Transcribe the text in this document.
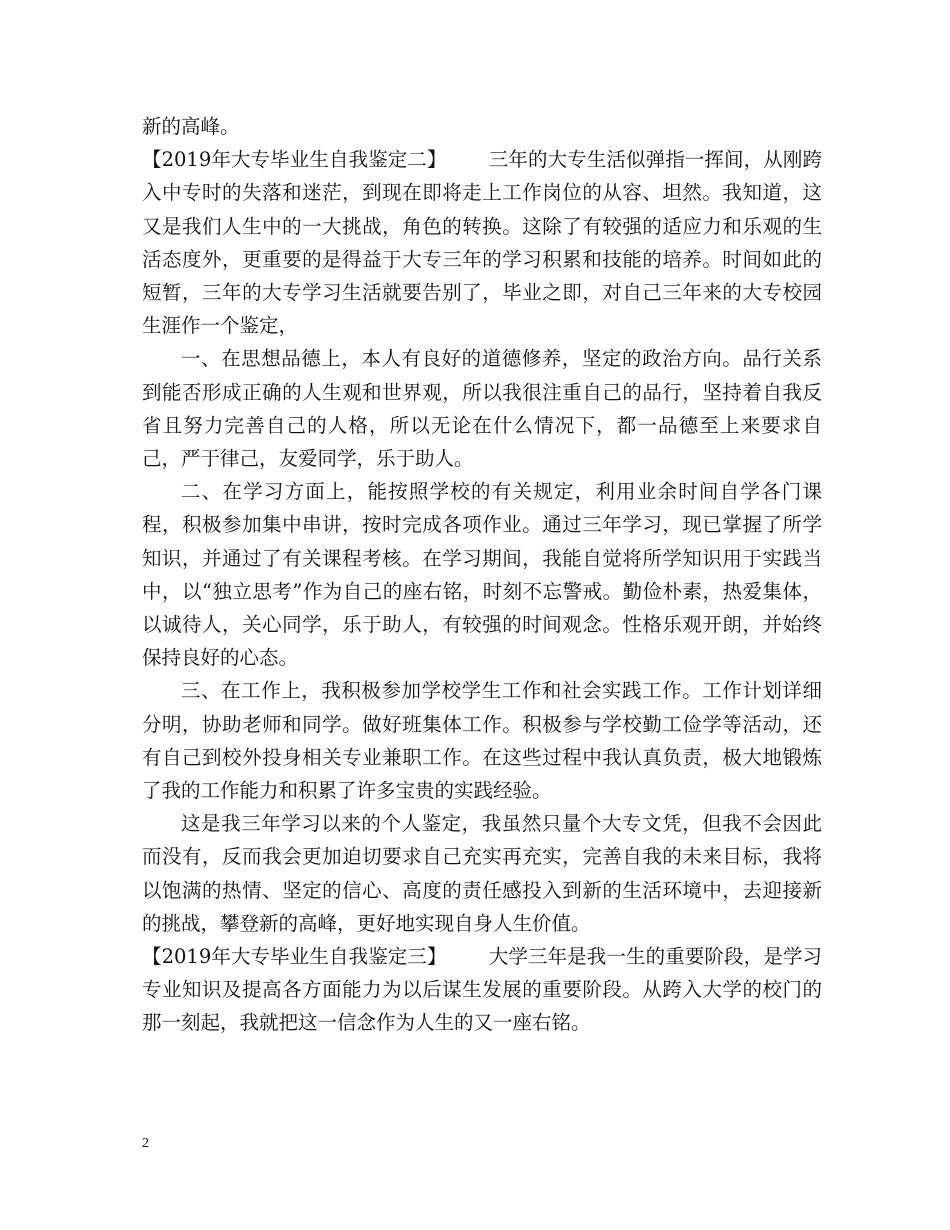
新的高峰。

【2019年大专毕业生自我鉴定二】 三年的大专生活似弹指一挥间，从刚跨入中专时的失落和迷茫，到现在即将走上工作岗位的从容、坦然。我知道，这又是我们人生中的一大挑战，角色的转换。这除了有较强的适应力和乐观的生活态度外，更重要的是得益于大专三年的学习积累和技能的培养。时间如此的短暂，三年的大专学习生活就要告别了，毕业之即，对自己三年来的大专校园生涯作一个鉴定，

一、在思想品德上，本人有良好的道德修养，坚定的政治方向。品行关系到能否形成正确的人生观和世界观，所以我很注重自己的品行，坚持着自我反省且努力完善自己的人格，所以无论在什么情况下，都一品德至上来要求自己，严于律己，友爱同学，乐于助人。

二、在学习方面上，能按照学校的有关规定，利用业余时间自学各门课程，积极参加集中串讲，按时完成各项作业。通过三年学习，现已掌握了所学知识，并通过了有关课程考核。在学习期间，我能自觉将所学知识用于实践当中，以“独立思考”作为自己的座右铭，时刻不忘警戒。勤俭朴素，热爱集体，以诚待人，关心同学，乐于助人，有较强的时间观念。性格乐观开朗，并始终保持良好的心态。

三、在工作上，我积极参加学校学生工作和社会实践工作。工作计划详细分明，协助老师和同学。做好班集体工作。积极参与学校勤工俭学等活动，还有自己到校外投身相关专业兼职工作。在这些过程中我认真负责，极大地锻炼了我的工作能力和积累了许多宝贵的实践经验。

这是我三年学习以来的个人鉴定，我虽然只量个大专文凭，但我不会因此而没有，反而我会更加迫切要求自己充实再充实，完善自我的未来目标，我将以饱满的热情、坚定的信心、高度的责任感投入到新的生活环境中，去迎接新的挑战，攀登新的高峰，更好地实现自身人生价值。

【2019年大专毕业生自我鉴定三】 大学三年是我一生的重要阶段，是学习专业知识及提高各方面能力为以后谋生发展的重要阶段。从跨入大学的校门的那一刻起，我就把这一信念作为人生的又一座右铭。

2
